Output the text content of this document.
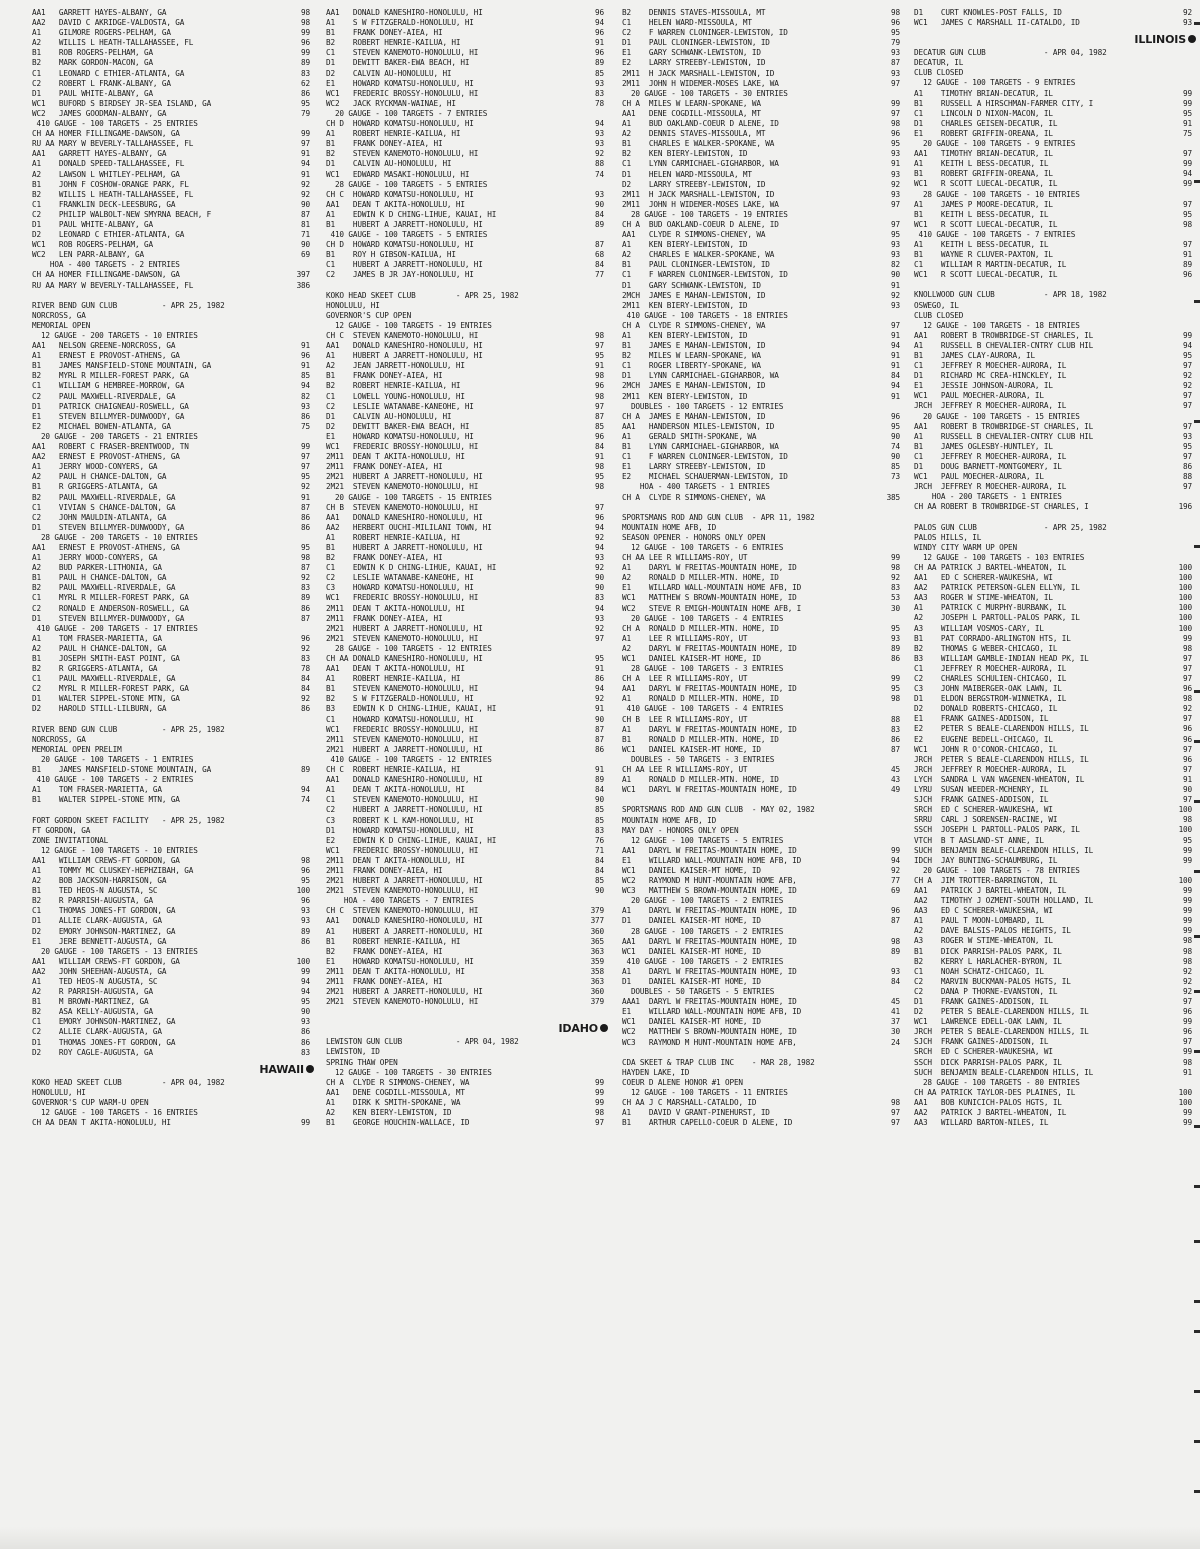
AA1   GARRETT HAYES-ALBANY, GA	98
AA2   DAVID C AKRIDGE-VALDOSTA, GA	98
A1    GILMORE ROGERS-PELHAM, GA	99
A2    WILLIS L HEATH-TALLAHASSEE, FL	96
B1    ROB ROGERS-PELHAM, GA	99
B2    MARK GORDON-MACON, GA	89
C1    LEONARD C ETHIER-ATLANTA, GA	83
C2    ROBERT L FRANK-ALBANY, GA	62
D1    PAUL WHITE-ALBANY, GA	86
WC1   BUFORD S BIRDSEY JR-SEA ISLAND, GA	95
WC2   JAMES GOODMAN-ALBANY, GA	79
410 GAUGE - 100 TARGETS - 25 ENTRIES
CH AA HOMER FILLINGAME-DAWSON, GA	99
RU AA MARY W BEVERLY-TALLAHASSEE, FL	97
AA1   GARRETT HAYES-ALBANY, GA	91
A1    DONALD SPEED-TALLAHASSEE, FL	94
A2    LAWSON L WHITLEY-PELHAM, GA	91
B1    JOHN F COSHOW-ORANGE PARK, FL	92
B2    WILLIS L HEATH-TALLAHASSEE, FL	92
C1    FRANKLIN DECK-LEESBURG, GA	90
C2    PHILIP WALBOLT-NEW SMYRNA BEACH, F	87
D1    PAUL WHITE-ALBANY, GA	81
D2    LEONARD C ETHIER-ATLANTA, GA	71
WC1   ROB ROGERS-PELHAM, GA	90
WC2   LEN PARR-ALBANY, GA	69
HOA - 400 TARGETS - 2 ENTRIES
CH AA HOMER FILLINGAME-DAWSON, GA	397
RU AA MARY W BEVERLY-TALLAHASSEE, FL	386
RIVER BEND GUN CLUB          - APR 25, 1982
NORCROSS, GA
MEMORIAL OPEN
12 GAUGE - 200 TARGETS - 10 ENTRIES
AA1   NELSON GREENE-NORCROSS, GA	91
A1    ERNEST E PROVOST-ATHENS, GA	96
B1    JAMES MANSFIELD-STONE MOUNTAIN, GA	91
B2    MYRL R MILLER-FOREST PARK, GA	85
C1    WILLIAM G HEMBREE-MORROW, GA	94
C2    PAUL MAXWELL-RIVERDALE, GA	82
D1    PATRICK CHAIGNEAU-ROSWELL, GA	93
E1    STEVEN BILLMYER-DUNWOODY, GA	86
E2    MICHAEL BOWEN-ATLANTA, GA	75
20 GAUGE - 200 TARGETS - 21 ENTRIES
AA1   ROBERT C FRASER-BRENTWOOD, TN	99
AA2   ERNEST E PROVOST-ATHENS, GA	97
A1    JERRY WOOD-CONYERS, GA	97
A2    PAUL H CHANCE-DALTON, GA	95
B1    R GRIGGERS-ATLANTA, GA	92
B2    PAUL MAXWELL-RIVERDALE, GA	91
C1    VIVIAN S CHANCE-DALTON, GA	87
C2    JOHN MAULDIN-ATLANTA, GA	86
D1    STEVEN BILLMYER-DUNWOODY, GA	86
28 GAUGE - 200 TARGETS - 10 ENTRIES
AA1   ERNEST E PROVOST-ATHENS, GA	95
A1    JERRY WOOD-CONYERS, GA	98
A2    BUD PARKER-LITHONIA, GA	87
B1    PAUL H CHANCE-DALTON, GA	92
B2    PAUL MAXWELL-RIVERDALE, GA	83
C1    MYRL R MILLER-FOREST PARK, GA	89
C2    RONALD E ANDERSON-ROSWELL, GA	86
D1    STEVEN BILLMYER-DUNWOODY, GA	87
410 GAUGE - 200 TARGETS - 17 ENTRIES
A1    TOM FRASER-MARIETTA, GA	96
A2    PAUL H CHANCE-DALTON, GA	92
B1    JOSEPH SMITH-EAST POINT, GA	83
B2    R GRIGGERS-ATLANTA, GA	78
C1    PAUL MAXWELL-RIVERDALE, GA	84
C2    MYRL R MILLER-FOREST PARK, GA	84
D1    WALTER SIPPEL-STONE MTN, GA	92
D2    HAROLD STILL-LILBURN, GA	86
RIVER BEND GUN CLUB          - APR 25, 1982
NORCROSS, GA
MEMORIAL OPEN PRELIM
20 GAUGE - 100 TARGETS - 1 ENTRIES
B1    JAMES MANSFIELD-STONE MOUNTAIN, GA	89
410 GAUGE - 100 TARGETS - 2 ENTRIES
A1    TOM FRASER-MARIETTA, GA	94
B1    WALTER SIPPEL-STONE MTN, GA	74
FORT GORDON SKEET FACILITY   - APR 25, 1982
FT GORDON, GA
ZONE INVITATIONAL
12 GAUGE - 100 TARGETS - 10 ENTRIES
AA1   WILLIAM CREWS-FT GORDON, GA	98
A1    TOMMY MC CLUSKEY-HEPHZIBAH, GA	96
A2    BOB JACKSON-HARRISON, GA	95
B1    TED HEOS-N AUGUSTA, SC	100
B2    R PARRISH-AUGUSTA, GA	96
C1    THOMAS JONES-FT GORDON, GA	93
D1    ALLIE CLARK-AUGUSTA, GA	93
D2    EMORY JOHNSON-MARTINEZ, GA	89
E1    JERE BENNETT-AUGUSTA, GA	86
20 GAUGE - 100 TARGETS - 13 ENTRIES
AA1   WILLIAM CREWS-FT GORDON, GA	100
AA2   JOHN SHEEHAN-AUGUSTA, GA	99
A1    TED HEOS-N AUGUSTA, SC	94
A2    R PARRISH-AUGUSTA, GA	94
B1    M BROWN-MARTINEZ, GA	95
B2    ASA KELLY-AUGUSTA, GA	90
C1    EMORY JOHNSON-MARTINEZ, GA	93
C2    ALLIE CLARK-AUGUSTA, GA	86
D1    THOMAS JONES-FT GORDON, GA	86
D2    ROY CAGLE-AUGUSTA, GA	83
HAWAII
KOKO HEAD SKEET CLUB         - APR 04, 1982
HONOLULU, HI
GOVERNOR'S CUP WARM-U OPEN
12 GAUGE - 100 TARGETS - 16 ENTRIES
CH AA DEAN T AKITA-HONOLULU, HI	99
AA1   DONALD KANESHIRO-HONOLULU, HI	96
A1    S W FITZGERALD-HONOLULU, HI	94
B1    FRANK DONEY-AIEA, HI	96
B2    ROBERT HENRIE-KAILUA, HI	91
C1    STEVEN KANEMOTO-HONOLULU, HI	96
D1    DEWITT BAKER-EWA BEACH, HI	89
D2    CALVIN AU-HONOLULU, HI	85
E1    HOWARD KOMATSU-HONOLULU, HI	93
WC1   FREDERIC BROSSY-HONOLULU, HI	83
WC2   JACK RYCKMAN-WAINAE, HI	78
20 GAUGE - 100 TARGETS - 7 ENTRIES
CH D  HOWARD KOMATSU-HONOLULU, HI	94
A1    ROBERT HENRIE-KAILUA, HI	93
B1    FRANK DONEY-AIEA, HI	93
B2    STEVEN KANEMOTO-HONOLULU, HI	92
D1    CALVIN AU-HONOLULU, HI	88
WC1   EDWARD MASAKI-HONOLULU, HI	74
28 GAUGE - 100 TARGETS - 5 ENTRIES
CH C  HOWARD KOMATSU-HONOLULU, HI	93
AA1   DEAN T AKITA-HONOLULU, HI	90
A1    EDWIN K D CHING-LIHUE, KAUAI, HI	84
B1    HUBERT A JARRETT-HONOLULU, HI	89
410 GAUGE - 100 TARGETS - 5 ENTRIES
CH D  HOWARD KOMATSU-HONOLULU, HI	87
B1    ROY H GIBSON-KAILUA, HI	68
C1    HUBERT A JARRETT-HONOLULU, HI	84
C2    JAMES B JR JAY-HONOLULU, HI	77
KOKO HEAD SKEET CLUB         - APR 25, 1982
HONOLULU, HI
GOVERNOR'S CUP OPEN
12 GAUGE - 100 TARGETS - 19 ENTRIES
CH C  STEVEN KANEMOTO-HONOLULU, HI	98
AA1   DONALD KANESHIRO-HONOLULU, HI	97
A1    HUBERT A JARRETT-HONOLULU, HI	95
A2    JEAN JARRETT-HONOLULU, HI	91
B1    FRANK DONEY-AIEA, HI	98
B2    ROBERT HENRIE-KAILUA, HI	96
C1    LOWELL YOUNG-HONOLULU, HI	98
C2    LESLIE WATANABE-KANEOHE, HI	97
D1    CALVIN AU-HONOLULU, HI	87
D2    DEWITT BAKER-EWA BEACH, HI	85
E1    HOWARD KOMATSU-HONOLULU, HI	96
WC1   FREDERIC BROSSY-HONOLULU, HI	84
2M11  DEAN T AKITA-HONOLULU, HI	91
2M11  FRANK DONEY-AIEA, HI	98
2M21  HUBERT A JARRETT-HONOLULU, HI	95
2M21  STEVEN KANEMOTO-HONOLULU, HI	98
20 GAUGE - 100 TARGETS - 15 ENTRIES
CH B  STEVEN KANEMOTO-HONOLULU, HI	97
AA1   DONALD KANESHIRO-HONOLULU, HI	96
AA2   HERBERT OUCHI-MILILANI TOWN, HI	94
A1    ROBERT HENRIE-KAILUA, HI	92
B1    HUBERT A JARRETT-HONOLULU, HI	94
B2    FRANK DONEY-AIEA, HI	93
C1    EDWIN K D CHING-LIHUE, KAUAI, HI	92
C2    LESLIE WATANABE-KANEOHE, HI	90
C3    HOWARD KOMATSU-HONOLULU, HI	90
WC1   FREDERIC BROSSY-HONOLULU, HI	83
2M11  DEAN T AKITA-HONOLULU, HI	94
2M11  FRANK DONEY-AIEA, HI	93
2M21  HUBERT A JARRETT-HONOLULU, HI	92
2M21  STEVEN KANEMOTO-HONOLULU, HI	97
28 GAUGE - 100 TARGETS - 12 ENTRIES
CH AA DONALD KANESHIRO-HONOLULU, HI	95
AA1   DEAN T AKITA-HONOLULU, HI	91
A1    ROBERT HENRIE-KAILUA, HI	86
B1    STEVEN KANEMOTO-HONOLULU, HI	94
B2    S W FITZGERALD-HONOLULU, HI	92
B3    EDWIN K D CHING-LIHUE, KAUAI, HI	91
C1    HOWARD KOMATSU-HONOLULU, HI	90
WC1   FREDERIC BROSSY-HONOLULU, HI	87
2M11  STEVEN KANEMOTO-HONOLULU, HI	87
2M21  HUBERT A JARRETT-HONOLULU, HI	86
410 GAUGE - 100 TARGETS - 12 ENTRIES
CH C  ROBERT HENRIE-KAILUA, HI	91
AA1   DONALD KANESHIRO-HONOLULU, HI	89
A1    DEAN T AKITA-HONOLULU, HI	84
C1    STEVEN KANEMOTO-HONOLULU, HI	90
C2    HUBERT A JARRETT-HONOLULU, HI	85
C3    ROBERT K L KAM-HONOLULU, HI	85
D1    HOWARD KOMATSU-HONOLULU, HI	83
E2    EDWIN K D CHING-LIHUE, KAUAI, HI	76
WC1   FREDERIC BROSSY-HONOLULU, HI	71
2M11  DEAN T AKITA-HONOLULU, HI	84
2M11  FRANK DONEY-AIEA, HI	84
2M21  HUBERT A JARRETT-HONOLULU, HI	85
2M21  STEVEN KANEMOTO-HONOLULU, HI	90
HOA - 400 TARGETS - 7 ENTRIES
CH C  STEVEN KANEMOTO-HONOLULU, HI	379
AA1   DONALD KANESHIRO-HONOLULU, HI	377
A1    HUBERT A JARRETT-HONOLULU, HI	360
B1    ROBERT HENRIE-KAILUA, HI	365
B2    FRANK DONEY-AIEA, HI	363
E1    HOWARD KOMATSU-HONOLULU, HI	359
2M11  DEAN T AKITA-HONOLULU, HI	358
2M11  FRANK DONEY-AIEA, HI	363
2M21  HUBERT A JARRETT-HONOLULU, HI	360
2M21  STEVEN KANEMOTO-HONOLULU, HI	379
IDAHO
LEWISTON GUN CLUB            - APR 04, 1982
LEWISTON, ID
SPRING THAW OPEN
12 GAUGE - 100 TARGETS - 30 ENTRIES
CH A  CLYDE R SIMMONS-CHENEY, WA	99
AA1   DENE COGDILL-MISSOULA, MT	99
A1    DIRK K SMITH-SPOKANE, WA	99
A2    KEN BIERY-LEWISTON, ID	98
B1    GEORGE HOUCHIN-WALLACE, ID	97
B2    DENNIS STAVES-MISSOULA, MT	98
C1    HELEN WARD-MISSOULA, MT	96
C2    F WARREN CLONINGER-LEWISTON, ID	95
D1    PAUL CLONINGER-LEWISTON, ID	79
E1    GARY SCHWANK-LEWISTON, ID	93
E2    LARRY STREEBY-LEWISTON, ID	87
2M11  H JACK MARSHALL-LEWISTON, ID	93
2M11  JOHN H WIDEMER-MOSES LAKE, WA	97
20 GAUGE - 100 TARGETS - 30 ENTRIES
CH A  MILES W LEARN-SPOKANE, WA	99
AA1   DENE COGDILL-MISSOULA, MT	97
A1    BUD OAKLAND-COEUR D ALENE, ID	98
A2    DENNIS STAVES-MISSOULA, MT	96
B1    CHARLES E WALKER-SPOKANE, WA	95
B2    KEN BIERY-LEWISTON, ID	93
C1    LYNN CARMICHAEL-GIGHARBOR, WA	91
D1    HELEN WARD-MISSOULA, MT	93
D2    LARRY STREEBY-LEWISTON, ID	92
2M11  H JACK MARSHALL-LEWISTON, ID	93
2M11  JOHN H WIDEMER-MOSES LAKE, WA	97
28 GAUGE - 100 TARGETS - 19 ENTRIES
CH A  BUD OAKLAND-COEUR D ALENE, ID	97
AA1   CLYDE R SIMMONS-CHENEY, WA	95
A1    KEN BIERY-LEWISTON, ID	93
A2    CHARLES E WALKER-SPOKANE, WA	93
B1    PAUL CLONINGER-LEWISTON, ID	82
C1    F WARREN CLONINGER-LEWISTON, ID	90
D1    GARY SCHWANK-LEWISTON, ID	91
2MCH  JAMES E MAHAN-LEWISTON, ID	92
2M11  KEN BIERY-LEWISTON, ID	93
410 GAUGE - 100 TARGETS - 18 ENTRIES
CH A  CLYDE R SIMMONS-CHENEY, WA	97
A1    KEN BIERY-LEWISTON, ID	91
B1    JAMES E MAHAN-LEWISTON, ID	94
B2    MILES W LEARN-SPOKANE, WA	91
C1    ROGER LIBERTY-SPOKANE, WA	91
D1    LYNN CARMICHAEL-GIGHARBOR, WA	84
2MCH  JAMES E MAHAN-LEWISTON, ID	94
2M11  KEN BIERY-LEWISTON, ID	91
DOUBLES - 100 TARGETS - 12 ENTRIES
CH A  JAMES E MAHAN-LEWISTON, ID	96
AA1   HANDERSON MILES-LEWISTON, ID	95
A1    GERALD SMITH-SPOKANE, WA	90
B1    LYNN CARMICHAEL-GIGHARBOR, WA	74
C1    F WARREN CLONINGER-LEWISTON, ID	90
E1    LARRY STREEBY-LEWISTON, ID	85
E2    MICHAEL SCHAUERMAN-LEWISTON, ID	73
HOA - 400 TARGETS - 1 ENTRIES
CH A  CLYDE R SIMMONS-CHENEY, WA	385
SPORTSMANS ROD AND GUN CLUB  - APR 11, 1982
MOUNTAIN HOME AFB, ID
SEASON OPENER - HONORS ONLY OPEN
12 GAUGE - 100 TARGETS - 6 ENTRIES
CH AA LEE R WILLIAMS-ROY, UT	99
A1    DARYL W FREITAS-MOUNTAIN HOME, ID	98
A2    RONALD D MILLER-MTN. HOME, ID	92
E1    WILLARD WALL-MOUNTAIN HOME AFB, ID	83
WC1   MATTHEW S BROWN-MOUNTAIN HOME, ID	53
WC2   STEVE R EMIGH-MOUNTAIN HOME AFB, I	30
20 GAUGE - 100 TARGETS - 4 ENTRIES
CH A  RONALD D MILLER-MTN. HOME, ID	95
A1    LEE R WILLIAMS-ROY, UT	93
A2    DARYL W FREITAS-MOUNTAIN HOME, ID	89
WC1   DANIEL KAISER-MT HOME, ID	86
28 GAUGE - 100 TARGETS - 3 ENTRIES
CH A  LEE R WILLIAMS-ROY, UT	99
AA1   DARYL W FREITAS-MOUNTAIN HOME, ID	95
A1    RONALD D MILLER-MTN. HOME, ID	98
410 GAUGE - 100 TARGETS - 4 ENTRIES
CH B  LEE R WILLIAMS-ROY, UT	88
A1    DARYL W FREITAS-MOUNTAIN HOME, ID	83
B1    RONALD D MILLER-MTN. HOME, ID	86
WC1   DANIEL KAISER-MT HOME, ID	87
DOUBLES - 50 TARGETS - 3 ENTRIES
CH AA LEE R WILLIAMS-ROY, UT	45
A1    RONALD D MILLER-MTN. HOME, ID	43
WC1   DARYL W FREITAS-MOUNTAIN HOME, ID	49
SPORTSMANS ROD AND GUN CLUB  - MAY 02, 1982
MOUNTAIN HOME AFB, ID
MAY DAY - HONORS ONLY OPEN
12 GAUGE - 100 TARGETS - 5 ENTRIES
AA1   DARYL W FREITAS-MOUNTAIN HOME, ID	99
E1    WILLARD WALL-MOUNTAIN HOME AFB, ID	94
WC1   DANIEL KAISER-MT HOME, ID	92
WC2   RAYMOND M HUNT-MOUNTAIN HOME AFB,	77
WC3   MATTHEW S BROWN-MOUNTAIN HOME, ID	69
20 GAUGE - 100 TARGETS - 2 ENTRIES
A1    DARYL W FREITAS-MOUNTAIN HOME, ID	96
D1    DANIEL KAISER-MT HOME, ID	87
28 GAUGE - 100 TARGETS - 2 ENTRIES
AA1   DARYL W FREITAS-MOUNTAIN HOME, ID	98
WC1   DANIEL KAISER-MT HOME, ID	89
410 GAUGE - 100 TARGETS - 2 ENTRIES
A1    DARYL W FREITAS-MOUNTAIN HOME, ID	93
D1    DANIEL KAISER-MT HOME, ID	84
DOUBLES - 50 TARGETS - 5 ENTRIES
AAA1  DARYL W FREITAS-MOUNTAIN HOME, ID	45
E1    WILLARD WALL-MOUNTAIN HOME AFB, ID	41
WC1   DANIEL KAISER-MT HOME, ID	37
WC2   MATTHEW S BROWN-MOUNTAIN HOME, ID	30
WC3   RAYMOND M HUNT-MOUNTAIN HOME AFB,	24
CDA SKEET & TRAP CLUB INC    - MAR 28, 1982
HAYDEN LAKE, ID
COEUR D ALENE HONOR #1 OPEN
12 GAUGE - 100 TARGETS - 11 ENTRIES
CH AA J C MARSHALL-CATALDO, ID	98
A1    DAVID V GRANT-PINEHURST, ID	97
B1    ARTHUR CAPELLO-COEUR D ALENE, ID	97
D1    CURT KNOWLES-POST FALLS, ID	92
WC1   JAMES C MARSHALL II-CATALDO, ID	93
ILLINOIS
DECATUR GUN CLUB             - APR 04, 1982
DECATUR, IL
CLUB CLOSED
12 GAUGE - 100 TARGETS - 9 ENTRIES
A1    TIMOTHY BRIAN-DECATUR, IL	99
B1    RUSSELL A HIRSCHMAN-FARMER CITY, I	99
C1    LINCOLN D NIXON-MACON, IL	95
D1    CHARLES GEISEN-DECATUR, IL	91
E1    ROBERT GRIFFIN-OREANA, IL	75
20 GAUGE - 100 TARGETS - 9 ENTRIES
AA1   TIMOTHY BRIAN-DECATUR, IL	97
A1    KEITH L BESS-DECATUR, IL	99
B1    ROBERT GRIFFIN-OREANA, IL	94
WC1   R SCOTT LUECAL-DECATUR, IL	99
28 GAUGE - 100 TARGETS - 10 ENTRIES
A1    JAMES P MOORE-DECATUR, IL	97
B1    KEITH L BESS-DECATUR, IL	95
WC1   R SCOTT LUECAL-DECATUR, IL	98
410 GAUGE - 100 TARGETS - 7 ENTRIES
A1    KEITH L BESS-DECATUR, IL	97
B1    WAYNE R CLUVER-PAXTON, IL	91
C1    WILLIAM R MARTIN-DECATUR, IL	89
WC1   R SCOTT LUECAL-DECATUR, IL	96
KNOLLWOOD GUN CLUB           - APR 18, 1982
OSWEGO, IL
CLUB CLOSED
12 GAUGE - 100 TARGETS - 18 ENTRIES
AA1   ROBERT B TROWBRIDGE-ST CHARLES, IL	99
A1    RUSSELL B CHEVALIER-CNTRY CLUB HIL	94
B1    JAMES CLAY-AURORA, IL	95
C1    JEFFREY R MOECHER-AURORA, IL	97
D1    RICHARD MC CREA-HINCKLEY, IL	92
E1    JESSIE JOHNSON-AURORA, IL	92
WC1   PAUL MOECHER-AURORA, IL	97
JRCH  JEFFREY R MOECHER-AURORA, IL	97
20 GAUGE - 100 TARGETS - 15 ENTRIES
AA1   ROBERT B TROWBRIDGE-ST CHARLES, IL	97
A1    RUSSELL B CHEVALIER-CNTRY CLUB HIL	93
B1    JAMES OGLESBY-HUNTLEY, IL	95
C1    JEFFREY R MOECHER-AURORA, IL	97
D1    DOUG BARNETT-MONTGOMERY, IL	86
WC1   PAUL MOECHER-AURORA, IL	88
JRCH  JEFFREY R MOECHER-AURORA, IL	97
HOA - 200 TARGETS - 1 ENTRIES
CH AA ROBERT B TROWBRIDGE-ST CHARLES, I	196
PALOS GUN CLUB               - APR 25, 1982
PALOS HILLS, IL
WINDY CITY WARM UP OPEN
12 GAUGE - 100 TARGETS - 103 ENTRIES
CH AA PATRICK J BARTEL-WHEATON, IL	100
AA1   ED C SCHERER-WAUKESHA, WI	100
AA2   PATRICK PETERSON-GLEN ELLYN, IL	100
AA3   ROGER W STIME-WHEATON, IL	100
A1    PATRICK C MURPHY-BURBANK, IL	100
A2    JOSEPH L PARTOLL-PALOS PARK, IL	100
A3    WILLIAM VOSMOS-CARY, IL	100
B1    PAT CORRADO-ARLINGTON HTS, IL	99
B2    THOMAS G WEBER-CHICAGO, IL	98
B3    WILLIAM GAMBLE-INDIAN HEAD PK, IL	97
C1    JEFFREY R MOECHER-AURORA, IL	97
C2    CHARLES SCHULIEN-CHICAGO, IL	97
C3    JOHN MAIBERGER-OAK LAWN, IL	96
D1    ELDON BERGSTROM-WINNETKA, IL	98
D2    DONALD ROBERTS-CHICAGO, IL	92
E1    FRANK GAINES-ADDISON, IL	97
E2    PETER S BEALE-CLARENDON HILLS, IL	96
E2    EUGENE BEDELL-CHICAGO, IL	96
WC1   JOHN R O'CONOR-CHICAGO, IL	97
JRCH  PETER S BEALE-CLARENDON HILLS, IL	96
JRCH  JEFFREY R MOECHER-AURORA, IL	97
LYCH  SANDRA L VAN WAGENEN-WHEATON, IL	91
LYRU  SUSAN WEEDER-MCHENRY, IL	90
SJCH  FRANK GAINES-ADDISON, IL	97
SRCH  ED C SCHERER-WAUKESHA, WI	100
SRRU  CARL J SORENSEN-RACINE, WI	98
SSCH  JOSEPH L PARTOLL-PALOS PARK, IL	100
VTCH  B T AASLAND-ST ANNE, IL	95
SUCH  BENJAMIN BEALE-CLARENDON HILLS, IL	99
IDCH  JAY BUNTING-SCHAUMBURG, IL	99
20 GAUGE - 100 TARGETS - 78 ENTRIES
CH A  JIM TROTTER-BARRINGTON, IL	100
AA1   PATRICK J BARTEL-WHEATON, IL	99
AA2   TIMOTHY J OZMENT-SOUTH HOLLAND, IL	99
AA3   ED C SCHERER-WAUKESHA, WI	99
A1    PAUL T MOON-LOMBARD, IL	99
A2    DAVE BALSIS-PALOS HEIGHTS, IL	99
A3    ROGER W STIME-WHEATON, IL	98
B1    DICK PARRISH-PALOS PARK, IL	98
B2    KERRY L HARLACHER-BYRON, IL	98
C1    NOAH SCHATZ-CHICAGO, IL	92
C2    MARVIN BUCKMAN-PALOS HGTS, IL	92
C2    DANA P THORNE-EVANSTON, IL	92
D1    FRANK GAINES-ADDISON, IL	97
D2    PETER S BEALE-CLARENDON HILLS, IL	96
WC1   LAWRENCE EDELL-OAK LAWN, IL	99
JRCH  PETER S BEALE-CLARENDON HILLS, IL	96
SJCH  FRANK GAINES-ADDISON, IL	97
SRCH  ED C SCHERER-WAUKESHA, WI	99
SSCH  DICK PARRISH-PALOS PARK, IL	98
SUCH  BENJAMIN BEALE-CLARENDON HILLS, IL	91
28 GAUGE - 100 TARGETS - 80 ENTRIES
CH AA PATRICK TAYLOR-DES PLAINES, IL	100
AA1   BOB KUNICICH-PALOS HGTS, IL	100
AA2   PATRICK J BARTEL-WHEATON, IL	99
AA3   WILLARD BARTON-NILES, IL	99
